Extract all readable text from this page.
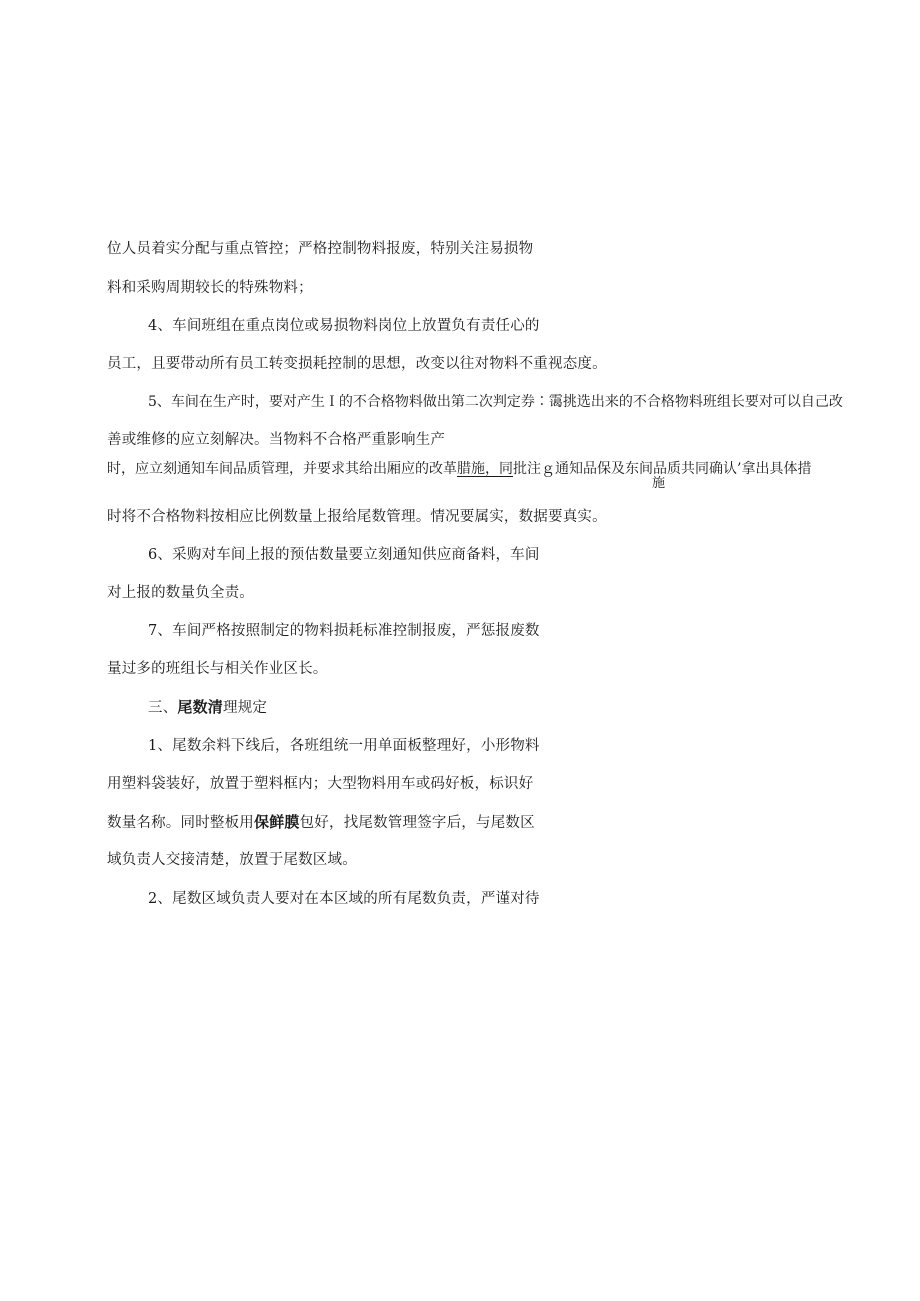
位人员着实分配与重点管控；严格控制物料报废，特别关注易损物
料和采购周期较长的特殊物料；
4、车间班组在重点岗位或易损物料岗位上放置负有责任心的
员工，且要带动所有员工转变损耗控制的思想，改变以往对物料不重视态度。
5、车间在生产时，要对产生Ｉ的不合格物料做出第二次判定券∶霭挑选出来的不合格物料班组长要对可以自己改
善或维修的应立刻解决。当物料不合格严重影响生产
时，应立刻通知车间品质管理，并要求其给出厢应的改革腊施，同批注ｇ通知品保及东间品质共同确认’拿出具体措
施
时将不合格物料按相应比例数量上报给尾数管理。情况要属实，数据要真实。
6、采购对车间上报的预估数量要立刻通知供应商备料，车间
对上报的数量负全责。
7、车间严格按照制定的物料损耗标准控制报废，严惩报废数
量过多的班组长与相关作业区长。
三、尾数清理规定
1、尾数余料下线后，各班组统一用单面板整理好，小形物料
用塑料袋装好，放置于塑料框内；大型物料用车或码好板，标识好
数量名称。同时整板用保鲜膜包好，找尾数管理签字后，与尾数区
域负责人交接清楚，放置于尾数区域。
2、尾数区域负责人要对在本区域的所有尾数负责，严谨对待
